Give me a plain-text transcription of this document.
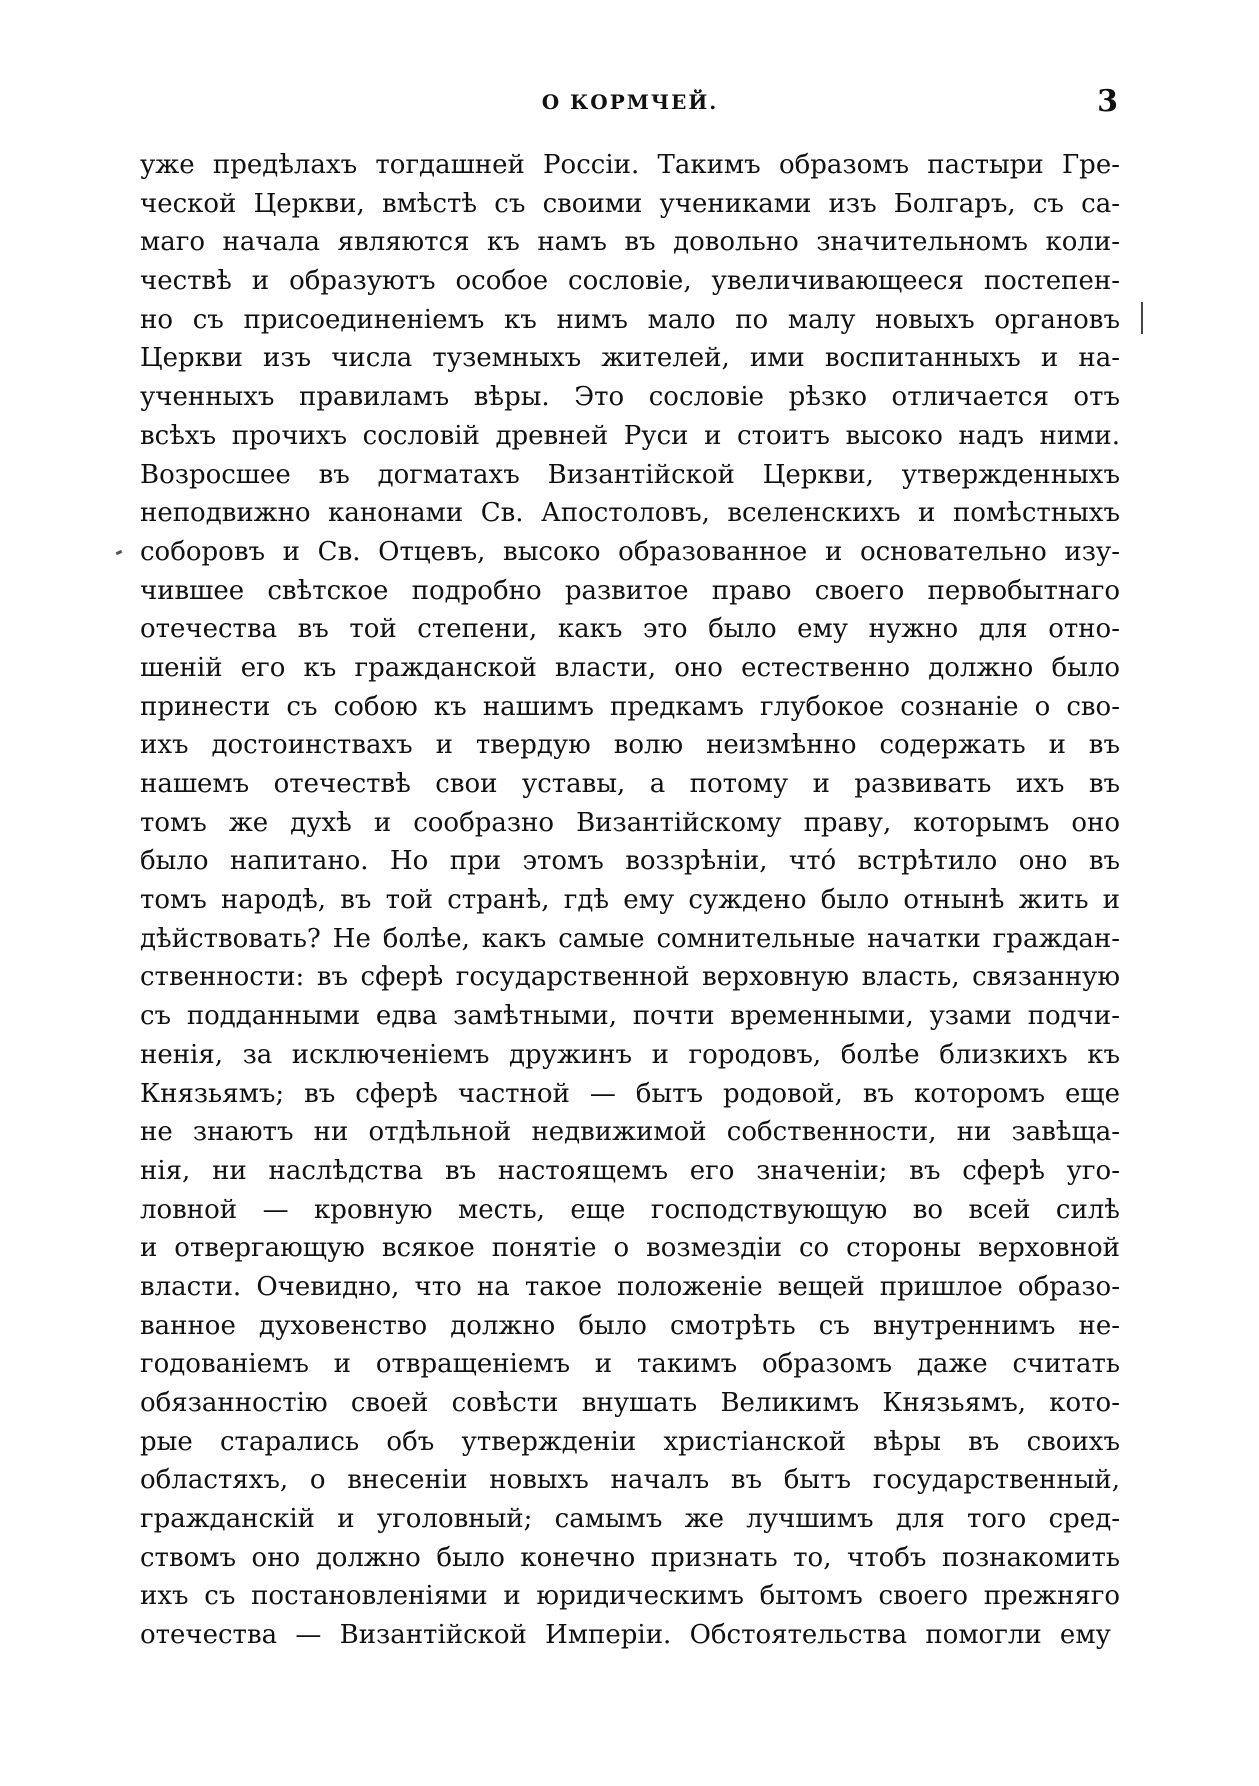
О КОРМЧЕЙ.	3
уже предѣлахъ тогдашней Россіи. Такимъ образомъ пастыри Гре-
ческой Церкви, вмѣстѣ съ своими учениками изъ Болгаръ, съ са-
маго начала являются къ намъ въ довольно значительномъ коли-
чествѣ и образуютъ особое сословіе, увеличивающееся постепен-
но съ присоединеніемъ къ нимъ мало по малу новыхъ органовъ
Церкви изъ числа туземныхъ жителей, ими воспитанныхъ и на-
ученныхъ правиламъ вѣры. Это сословіе рѣзко отличается отъ
всѣхъ прочихъ сословій древней Руси и стоитъ высоко надъ ними.
Возросшее въ догматахъ Византійской Церкви, утвержденныхъ
неподвижно канонами Св. Апостоловъ, вселенскихъ и помѣстныхъ
соборовъ и Св. Отцевъ, высоко образованное и основательно изу-
чившее свѣтское подробно развитое право своего первобытнаго
отечества въ той степени, какъ это было ему нужно для отно-
шеній его къ гражданской власти, оно естественно должно было
принести съ собою къ нашимъ предкамъ глубокое сознаніе о сво-
ихъ достоинствахъ и твердую волю неизмѣнно содержать и въ
нашемъ отечествѣ свои уставы, а потому и развивать ихъ въ
томъ же духѣ и сообразно Византійскому праву, которымъ оно
было напитано. Но при этомъ воззрѣніи, что́ встрѣтило оно въ
томъ народѣ, въ той странѣ, гдѣ ему суждено было отнынѣ жить и
дѣйствовать? Не болѣе, какъ самые сомнительные начатки граждан-
ственности: въ сферѣ государственной верховную власть, связанную
съ подданными едва замѣтными, почти временными, узами подчи-
ненія, за исключеніемъ дружинъ и городовъ, болѣе близкихъ къ
Князьямъ; въ сферѣ частной — бытъ родовой, въ которомъ еще
не знаютъ ни отдѣльной недвижимой собственности, ни завѣща-
нія, ни наслѣдства въ настоящемъ его значеніи; въ сферѣ уго-
ловной — кровную месть, еще господствующую во всей силѣ
и отвергающую всякое понятіе о возмездіи со стороны верховной
власти. Очевидно, что на такое положеніе вещей пришлое образо-
ванное духовенство должно было смотрѣть съ внутреннимъ не-
годованіемъ и отвращеніемъ и такимъ образомъ даже считать
обязанностію своей совѣсти внушать Великимъ Князьямъ, кото-
рые старались объ утвержденіи христіанской вѣры въ своихъ
областяхъ, о внесеніи новыхъ началъ въ бытъ государственный,
гражданскій и уголовный; самымъ же лучшимъ для того сред-
ствомъ оно должно было конечно признать то, чтобъ познакомить
ихъ съ постановленіями и юридическимъ бытомъ своего прежняго
отечества — Византійской Имперіи. Обстоятельства помогли ему
